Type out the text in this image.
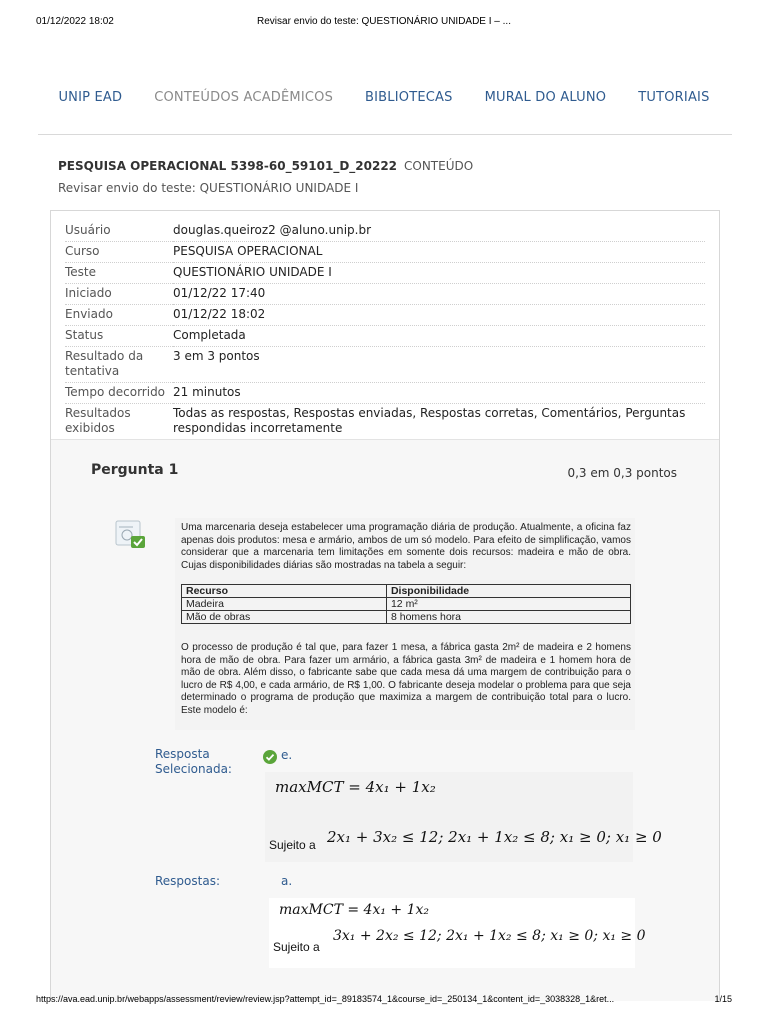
01/12/2022 18:02	Revisar envio do teste: QUESTIONÁRIO UNIDADE I – ...
UNIP EAD	CONTEÚDOS ACADÊMICOS	BIBLIOTECAS	MURAL DO ALUNO	TUTORIAIS
PESQUISA OPERACIONAL 5398-60_59101_D_20222 CONTEÚDO
Revisar envio do teste: QUESTIONÁRIO UNIDADE I
Usuário	douglas.queiroz2 @aluno.unip.br
Curso	PESQUISA OPERACIONAL
Teste	QUESTIONÁRIO UNIDADE I
Iniciado	01/12/22 17:40
Enviado	01/12/22 18:02
Status	Completada
Resultado da tentativa	3 em 3 pontos
Tempo decorrido	21 minutos
Resultados exibidos	Todas as respostas, Respostas enviadas, Respostas corretas, Comentários, Perguntas respondidas incorretamente
Pergunta 1	0,3 em 0,3 pontos

Uma marcenaria deseja estabelecer uma programação diária de produção. Atualmente, a oficina faz apenas dois produtos: mesa e armário, ambos de um só modelo. Para efeito de simplificação, vamos considerar que a marcenaria tem limitações em somente dois recursos: madeira e mão de obra. Cujas disponibilidades diárias são mostradas na tabela a seguir:

Recurso	Disponibilidade
Madeira	12 m²
Mão de obras	8 homens hora

O processo de produção é tal que, para fazer 1 mesa, a fábrica gasta 2m² de madeira e 2 homens hora de mão de obra. Para fazer um armário, a fábrica gasta 3m² de madeira e 1 homem hora de mão de obra. Além disso, o fabricante sabe que cada mesa dá uma margem de contribuição para o lucro de R$ 4,00, e cada armário, de R$ 1,00. O fabricante deseja modelar o problema para que seja determinado o programa de produção que maximiza a margem de contribuição total para o lucro. Este modelo é:

Resposta Selecionada:
e.
maxMCT = 4x₁ + 1x₂
Sujeito a 2x₁ + 3x₂ ≤ 12; 2x₁ + 1x₂ ≤ 8; x₁ ≥ 0; x₁ ≥ 0
Respostas:	a.
maxMCT = 4x₁ + 1x₂
Sujeito a
3x₁ + 2x₂ ≤ 12; 2x₁ + 1x₂ ≤ 8; x₁ ≥ 0; x₁ ≥ 0
https://ava.ead.unip.br/webapps/assessment/review/review.jsp?attempt_id=_89183574_1&course_id=_250134_1&content_id=_3038328_1&ret...	1/15
